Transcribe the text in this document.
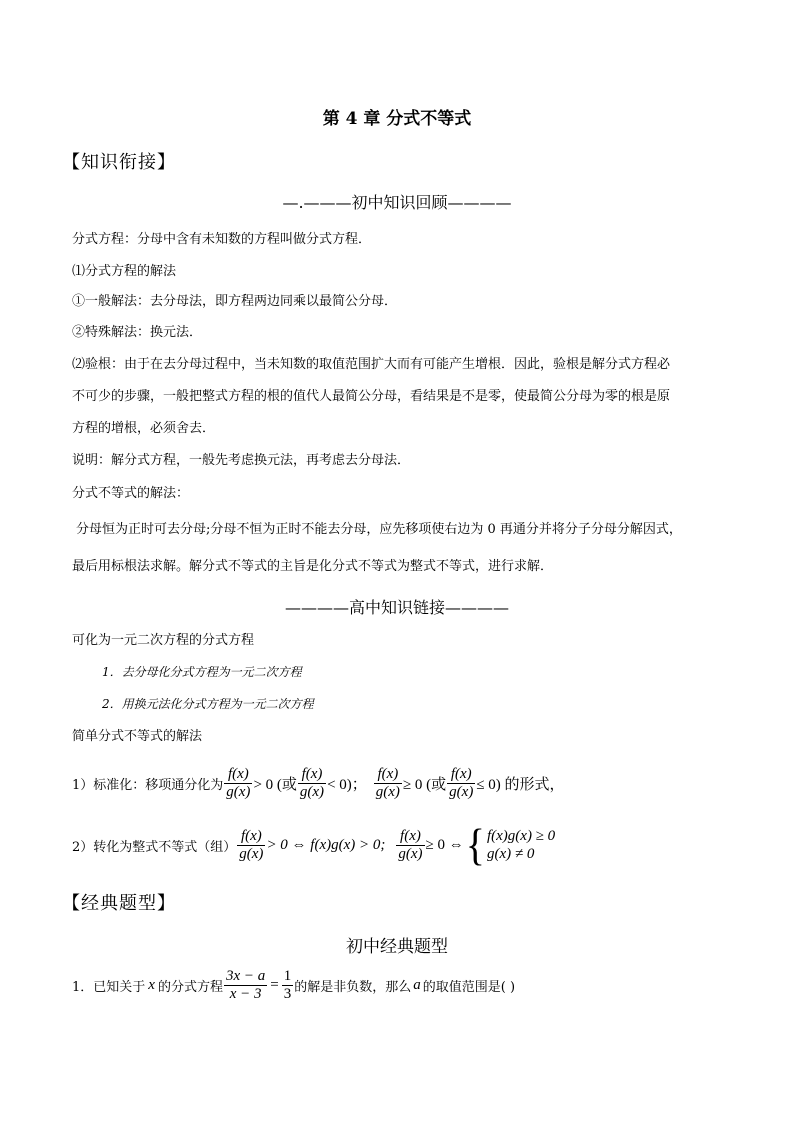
第 4 章 分式不等式
【知识衔接】
—.———初中知识回顾————
分式方程：分母中含有未知数的方程叫做分式方程．
⑴分式方程的解法
①一般解法：去分母法，即方程两边同乘以最简公分母．
②特殊解法：换元法．
⑵验根：由于在去分母过程中，当未知数的取值范围扩大而有可能产生增根．因此，验根是解分式方程必
不可少的步骤，一般把整式方程的根的值代人最简公分母，看结果是不是零，使最简公分母为零的根是原
方程的增根，必须舍去．
说明：解分式方程，一般先考虑换元法，再考虑去分母法．
分式不等式的解法：
分母恒为正时可去分母;分母不恒为正时不能去分母，应先移项使右边为 0 再通分并将分子分母分解因式，
最后用标根法求解。解分式不等式的主旨是化分式不等式为整式不等式，进行求解．
————高中知识链接————
可化为一元二次方程的分式方程
1．去分母化分式方程为一元二次方程
2．用换元法化分式方程为一元二次方程
简单分式不等式的解法
1）标准化：移项通分化为 $\frac{f(x)}{g(x)} > 0$ (或 $\frac{f(x)}{g(x)} < 0$)； $\frac{f(x)}{g(x)} \ge 0$ (或 $\frac{f(x)}{g(x)} \le 0$) 的形式，
2）转化为整式不等式（组） $\frac{f(x)}{g(x)} > 0$ ⇔ f(x)g(x) > 0; $\frac{f(x)}{g(x)} \ge 0$ ⇔ { f(x)g(x) ≥ 0
g(x) ≠ 0
【经典题型】
初中经典题型
1．已知关于 x 的分式方程 $\frac{3x - a}{x - 3} = \frac{1}{3}$ 的解是非负数，那么 a 的取值范围是( )
